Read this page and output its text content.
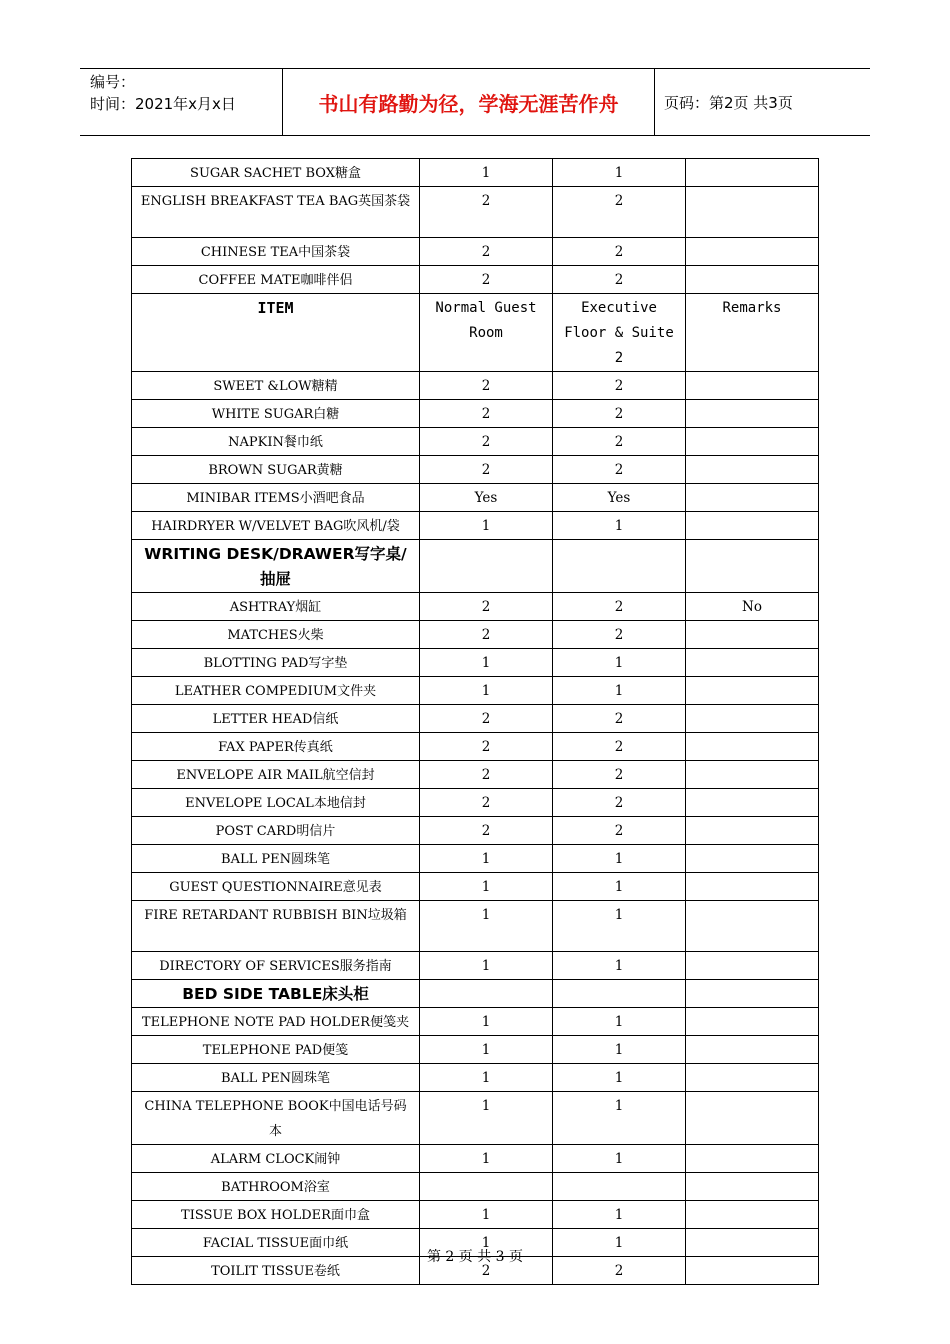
编号：
时间：2021年x月x日	书山有路勤为径，学海无涯苦作舟	页码：第2页 共3页
SUGAR SACHET BOX糖盒	1	1	
ENGLISH BREAKFAST TEA BAG英国茶袋	2	2	
CHINESE TEA中国茶袋	2	2	
COFFEE MATE咖啡伴侣	2	2	
ITEM	Normal Guest Room	Executive Floor & Suite 2	Remarks
SWEET &LOW糖精	2	2	
WHITE SUGAR白糖	2	2	
NAPKIN餐巾纸	2	2	
BROWN SUGAR黄糖	2	2	
MINIBAR ITEMS小酒吧食品	Yes	Yes	
HAIRDRYER W/VELVET BAG吹风机/袋	1	1	
WRITING DESK/DRAWER写字桌/抽屉			
ASHTRAY烟缸	2	2	No
MATCHES火柴	2	2	
BLOTTING PAD写字垫	1	1	
LEATHER COMPEDIUM文件夹	1	1	
LETTER HEAD信纸	2	2	
FAX PAPER传真纸	2	2	
ENVELOPE AIR MAIL航空信封	2	2	
ENVELOPE LOCAL本地信封	2	2	
POST CARD明信片	2	2	
BALL PEN圆珠笔	1	1	
GUEST QUESTIONNAIRE意见表	1	1	
FIRE RETARDANT RUBBISH BIN垃圾箱	1	1	
DIRECTORY OF SERVICES服务指南	1	1	
BED SIDE TABLE床头柜			
TELEPHONE NOTE PAD HOLDER便笺夹	1	1	
TELEPHONE PAD便笺	1	1	
BALL PEN圆珠笔	1	1	
CHINA TELEPHONE BOOK中国电话号码本	1	1	
ALARM CLOCK闹钟	1	1	
BATHROOM浴室			
TISSUE BOX HOLDER面巾盒	1	1	
FACIAL TISSUE面巾纸	1	1	
TOILIT TISSUE卷纸	2	2	
第 2 页 共 3 页
